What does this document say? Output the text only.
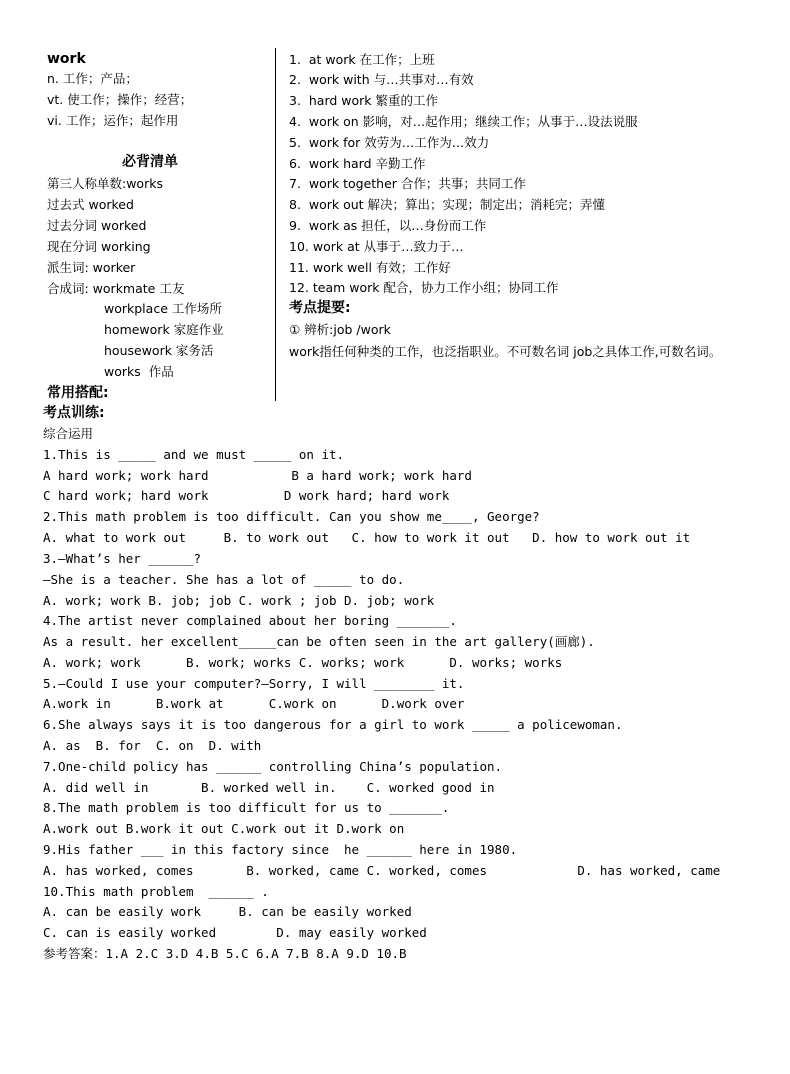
work
n. 工作；产品；
vt. 使工作；操作；经营；
vi. 工作；运作；起作用
必背清单
第三人称单数:works
过去式 worked
过去分词 worked
现在分词 working
派生词: worker
合成词: workmate 工友
workplace 工作场所
homework 家庭作业
housework 家务活
works  作品
常用搭配:
1.  at work 在工作；上班
2.  work with 与…共事对…有效
3.  hard work 繁重的工作
4.  work on 影响，对…起作用；继续工作；从事于…设法说服
5.  work for 效劳为…工作为…效力
6.  work hard 辛勤工作
7.  work together 合作；共事；共同工作
8.  work out 解决；算出；实现；制定出；消耗完；弄懂
9.  work as 担任，以…身份而工作
10. work at 从事于…致力于…
11. work well 有效；工作好
12. team work 配合，协力工作小组；协同工作
考点提要:
① 辨析:job /work
work指任何种类的工作，也泛指职业。不可数名词 job之具体工作,可数名词。
考点训练:
综合运用
1.This is _____ and we must _____ on it.
A hard work; work hard           B a hard work; work hard
C hard work; hard work          D work hard; hard work
2.This math problem is too difficult. Can you show me____, George?
A. what to work out     B. to work out   C. how to work it out   D. how to work out it
3.—What’s her ______?
—She is a teacher. She has a lot of _____ to do.
A. work; work B. job; job C. work ; job D. job; work
4.The artist never complained about her boring _______.
As a result. her excellent_____can be often seen in the art gallery(画廊).
A. work; work      B. work; works C. works; work      D. works; works
5.—Could I use your computer?—Sorry, I will ________ it.
A.work in      B.work at      C.work on      D.work over
6.She always says it is too dangerous for a girl to work _____ a policewoman.
A. as  B. for  C. on  D. with
7.One-child policy has ______ controlling China’s population.
A. did well in       B. worked well in.    C. worked good in
8.The math problem is too difficult for us to _______.
A.work out B.work it out C.work out it D.work on
9.His father ___ in this factory since  he ______ here in 1980.
A. has worked, comes       B. worked, came C. worked, comes            D. has worked, came
10.This math problem  ______ .
A. can be easily work     B. can be easily worked
C. can is easily worked        D. may easily worked
参考答案：1.A 2.C 3.D 4.B 5.C 6.A 7.B 8.A 9.D 10.B
